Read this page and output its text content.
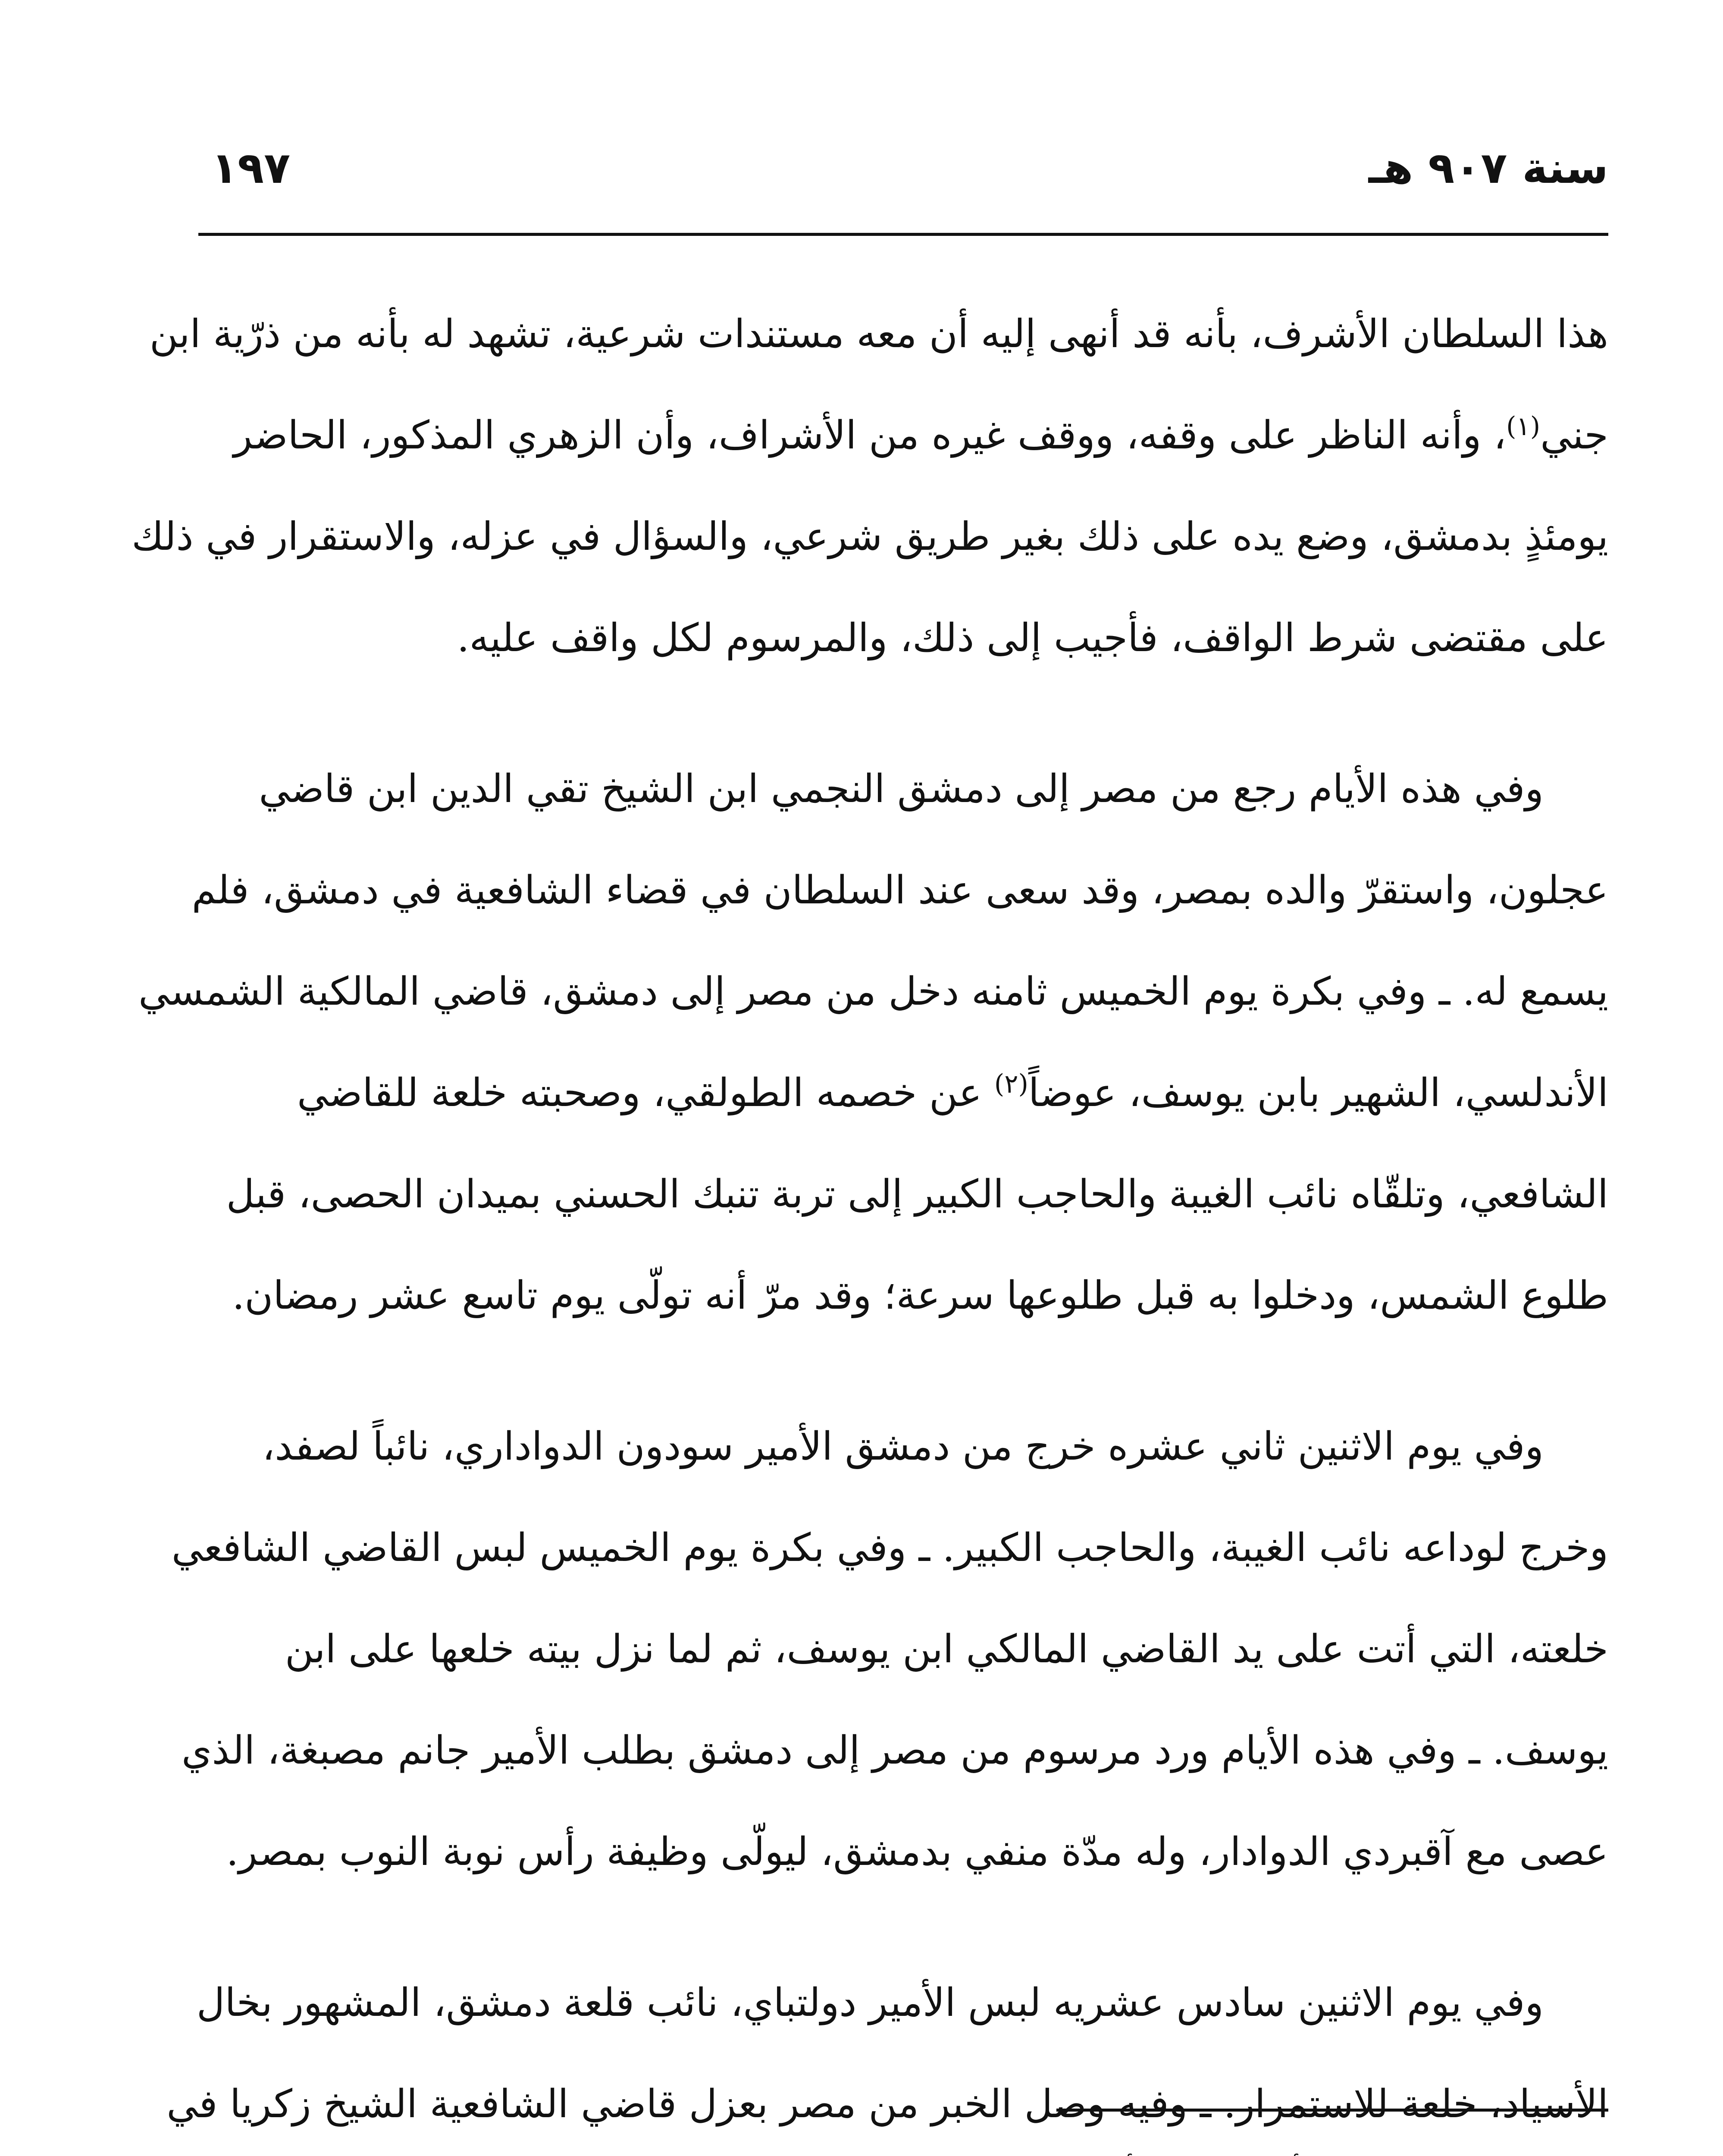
سنة ٩٠٧ هـ
١٩٧
هذا السلطان الأشرف، بأنه قد أنهى إليه أن معه مستندات شرعية، تشهد له بأنه من ذرّية ابن
جني$^{(١)}$، وأنه الناظر على وقفه، ووقف غيره من الأشراف، وأن الزهري المذكور، الحاضر
يومئذٍ بدمشق، وضع يده على ذلك بغير طريق شرعي، والسؤال في عزله، والاستقرار في ذلك
على مقتضى شرط الواقف، فأجيب إلى ذلك، والمرسوم لكل واقف عليه.
وفي هذه الأيام رجع من مصر إلى دمشق النجمي ابن الشيخ تقي الدين ابن قاضي
عجلون، واستقرّ والده بمصر، وقد سعى عند السلطان في قضاء الشافعية في دمشق، فلم
يسمع له. ـ وفي بكرة يوم الخميس ثامنه دخل من مصر إلى دمشق، قاضي المالكية الشمسي
الأندلسي، الشهير بابن يوسف، عوضاً$^{(٢)}$ عن خصمه الطولقي، وصحبته خلعة للقاضي
الشافعي، وتلقّاه نائب الغيبة والحاجب الكبير إلى تربة تنبك الحسني بميدان الحصى، قبل
طلوع الشمس، ودخلوا به قبل طلوعها سرعة؛ وقد مرّ أنه تولّى يوم تاسع عشر رمضان.
وفي يوم الاثنين ثاني عشره خرج من دمشق الأمير سودون الدواداري، نائباً لصفد،
وخرج لوداعه نائب الغيبة، والحاجب الكبير. ـ وفي بكرة يوم الخميس لبس القاضي الشافعي
خلعته، التي أتت على يد القاضي المالكي ابن يوسف، ثم لما نزل بيته خلعها على ابن
يوسف. ـ وفي هذه الأيام ورد مرسوم من مصر إلى دمشق بطلب الأمير جانم مصبغة، الذي
عصى مع آقبردي الدوادار، وله مدّة منفي بدمشق، ليولّى وظيفة رأس نوبة النوب بمصر.
وفي يوم الاثنين سادس عشريه لبس الأمير دولتباي، نائب قلعة دمشق، المشهور بخال
الأسياد، خلعة للاستمرار. ـ وفيه وصل الخبر من مصر بعزل قاضي الشافعية الشيخ زكريا في
